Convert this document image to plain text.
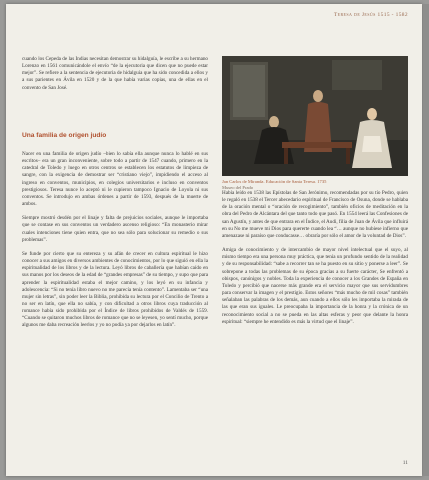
Teresa de Jesús 1515 - 1582

cuando los Cepeda de las Indias necesitan demostrar su hidalguía, le escribe a su hermano Lorenzo en 1561 comunicándole el envío “de la ejecutoria que dicen que no puede estar mejor”. Se refiere a la sentencia de ejecutoria de hidalguía que ha sido concedida a ellos y a sus parientes en Ávila en 1520 y de la que había varias copias, una de ellas en el convento de San José.

Una familia de origen judío

Nacer en una familia de origen judío –bien lo sabía ella aunque nunca lo hablé en sus escritos– era un gran inconveniente, sobre todo a partir de 1547 cuando, primero en la catedral de Toledo y luego en otros centros se establecen los estatutos de limpieza de sangre, con la exigencia de demostrar ser “cristiano viejo”, impidiendo el acceso al ingreso en conventos, municipios, en colegios universitarios e incluso en conventos prestigiosos. Teresa nunce lo aceptó ni le cupieron tampoco Ignacio de Loyola ni sus conventos. Se introdujo en ambas órdenes a partir de 1593, después de la muerte de ambos.

Siempre mostró desdén por el linaje y falta de prejuicios sociales, aunque le importaba que se contase en sus conventos un verdadero ascenso religioso: “En monasterio mirar cuales intenciones tiene quien entra, que no sea sólo para solucionar su remedio o sus problemas”.

Se funde por cierto que su entereza y su afán de crecer en cultura espiritual le hizo conocer a sus amigos en diversos ambientes de conocimientos, por lo que siguió en ella la espiritualidad de los libros y de la lectura. Leyó libros de caballería que habían caído en sus manos por los deseos de la edad de “grandes empresas” de su tiempo, y supo que para aprender la espiritualidad estaba el mejor camino, y los leyó en su infancia y adolescencia: “Si no tenía libro nuevo no me parecía tenía contento”. Lamentaba ser “una mujer sin letras”, sin poder leer la Biblia, prohibida su lectura por el Concilio de Trento a no ser en latín, que ella no sabía, y con dificultad a otros libros cuya traducción al romance había sido prohibida por el Índice de libros prohibidos de Valdés de 1559. “Cuando se quitaron muchos libros de romance que no se leyesen, yo sentí mucho, porque algunos me daba recreación leerlos y yo no podía ya por dejarlos en latín”.

Jan Carlos de Miranda. Educación de Santa Teresa. 1735
Museo del Prado

Había leído en 1538 las Epístolas de San Jerónimo, recomendadas por su tío Pedro, quien le regaló en 1538 el Tercer abecedario espiritual de Francisco de Osuna, donde se hablaba de la oración mental o “oración de recogimiento”, también oficios de meditación en la obra del Pedro de Alcántara del que tanto todo que pasó. En 1554 leerá las Confesiones de san Agustín, y antes de que entrara en el Índice, el Audi, filia de Juan de Ávila que influirá en su No me mueve mi Dios para quererte cuando lea “… aunque no hubiese infierno que amenazase ni paraíso que conducasse… obraría por sólo el amor de la voluntad de Dios”.

Amiga de conocimiento y de intercambio de mayor nivel intelectual que el suyo, al mismo tiempo era una persona muy práctica, que tenía un profundo sentido de la realidad y de su responsabilidad: “sabe a recorrer tan se ha puesto en su sitio y ponerse a leer”. Se sobrepone a todas las problemas de su época gracias a su fuerte carácter, Se enfrentó a obispos, canónigos y nobles. Toda la experiencia de conocer a los Grandes de España en Toledo y percibió que nacerse más grande era el servicio mayor que sus servidumbres para conservar la imagen y el prestigio. Estos señores “más mucho de mil cosas” también señalaban las palabras de los demás, aun cuando a ellos sólo les importaba la mirada de las que eran sus iguales. Le preocupaba la importancia de la honra y la crónica de un reconocimiento social a no se pueda en las altas esferas y peor que delante la honra espiritual: “siempre he entendido es más la virtud que el linaje”.

11
